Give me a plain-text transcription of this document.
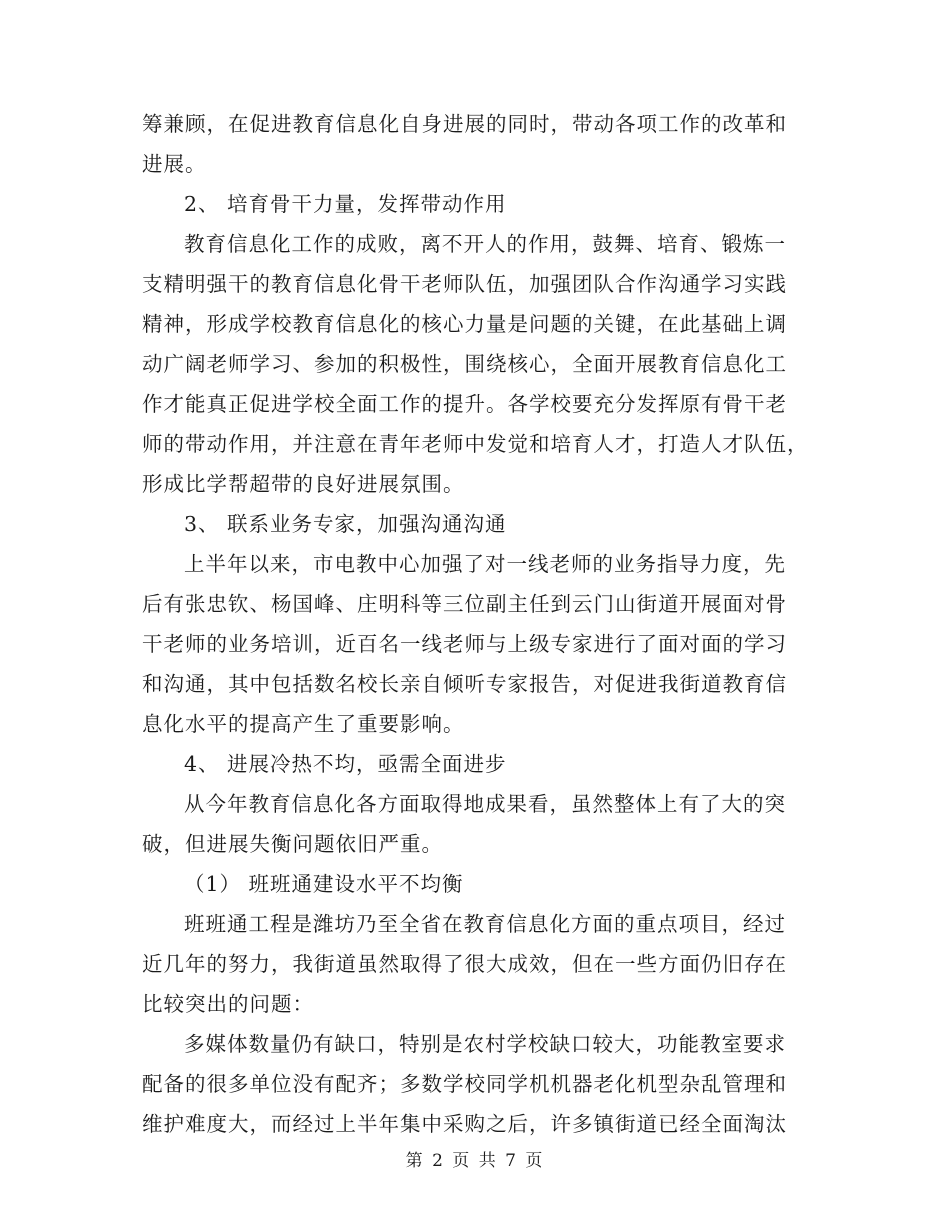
筹兼顾，在促进教育信息化自身进展的同时，带动各项工作的改革和
进展。
2、 培育骨干力量，发挥带动作用
教育信息化工作的成败，离不开人的作用，鼓舞、培育、锻炼一
支精明强干的教育信息化骨干老师队伍，加强团队合作沟通学习实践
精神，形成学校教育信息化的核心力量是问题的关键，在此基础上调
动广阔老师学习、参加的积极性，围绕核心，全面开展教育信息化工
作才能真正促进学校全面工作的提升。各学校要充分发挥原有骨干老
师的带动作用，并注意在青年老师中发觉和培育人才，打造人才队伍，
形成比学帮超带的良好进展氛围。
3、 联系业务专家，加强沟通沟通
上半年以来，市电教中心加强了对一线老师的业务指导力度，先
后有张忠钦、杨国峰、庄明科等三位副主任到云门山街道开展面对骨
干老师的业务培训，近百名一线老师与上级专家进行了面对面的学习
和沟通，其中包括数名校长亲自倾听专家报告，对促进我街道教育信
息化水平的提高产生了重要影响。
4、 进展冷热不均，亟需全面进步
从今年教育信息化各方面取得地成果看，虽然整体上有了大的突
破，但进展失衡问题依旧严重。
（1） 班班通建设水平不均衡
班班通工程是潍坊乃至全省在教育信息化方面的重点项目，经过
近几年的努力，我街道虽然取得了很大成效，但在一些方面仍旧存在
比较突出的问题：
多媒体数量仍有缺口，特别是农村学校缺口较大，功能教室要求
配备的很多单位没有配齐；多数学校同学机机器老化机型杂乱管理和
维护难度大，而经过上半年集中采购之后，许多镇街道已经全面淘汰
第 2 页 共 7 页
